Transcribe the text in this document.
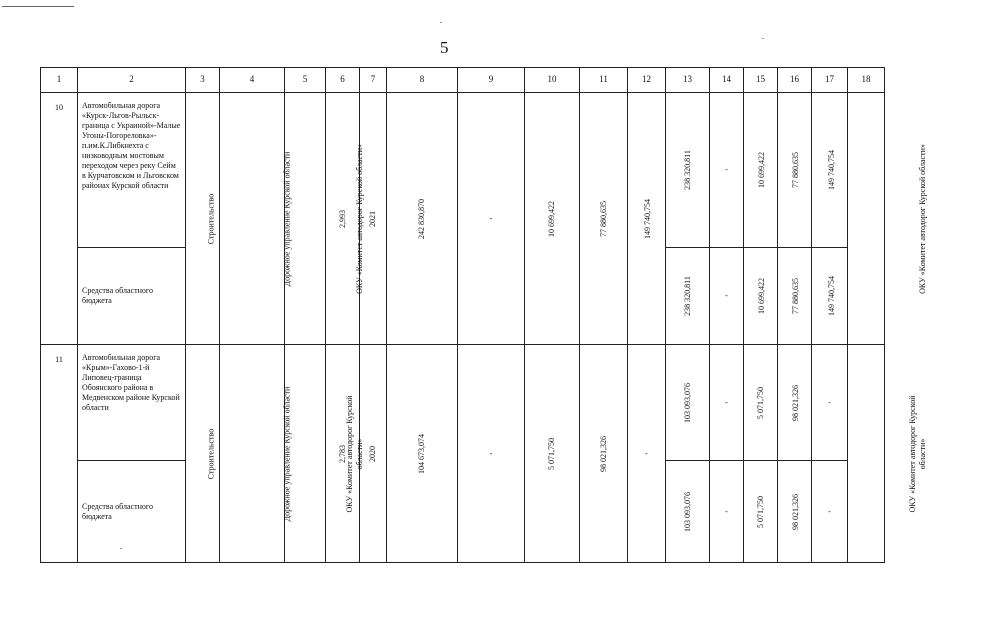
5
1	2	3	4	5	6	7	8	9	10	11	12	13	14	15	16	17	18
10	Автомобильная дорога «Курск-Льгов-Рыльск-граница с Украиной»-Малые Угоны-Погореловка»-п.им.К.Либкнехта с низководным мостовым переходом через реку Сейм в Курчатовском и Льговском районах Курской области	Строительство	Дорожное управление Курской области	ОКУ «Комитет автодорог Курской области»	2,993	2021	242 830,870	-	10 699,422	77 880,635	149 740,754	238 320,811	-	10 699,422	77 880,635	149 740,754	ОКУ «Комитет автодорог Курской области»
	Средства областного бюджета											238 320,811	-	10 699,422	77 880,635	149 740,754	
11	Автомобильная дорога «Крым»-Гахово-1-й Липовец-граница Обоянского района в Медвенском районе Курской области	Строительство	Дорожное управление Курской области	ОКУ «Комитет автодорог Курской области»	2,783	2020	104 673,074	-	5 071,750	98 021,326	-	103 093,076	-	5 071,750	98 021,326	-	ОКУ «Комитет автодорог Курской области»
	Средства областного бюджета											103 093,076	-	5 071,750	98 021,326	-	
